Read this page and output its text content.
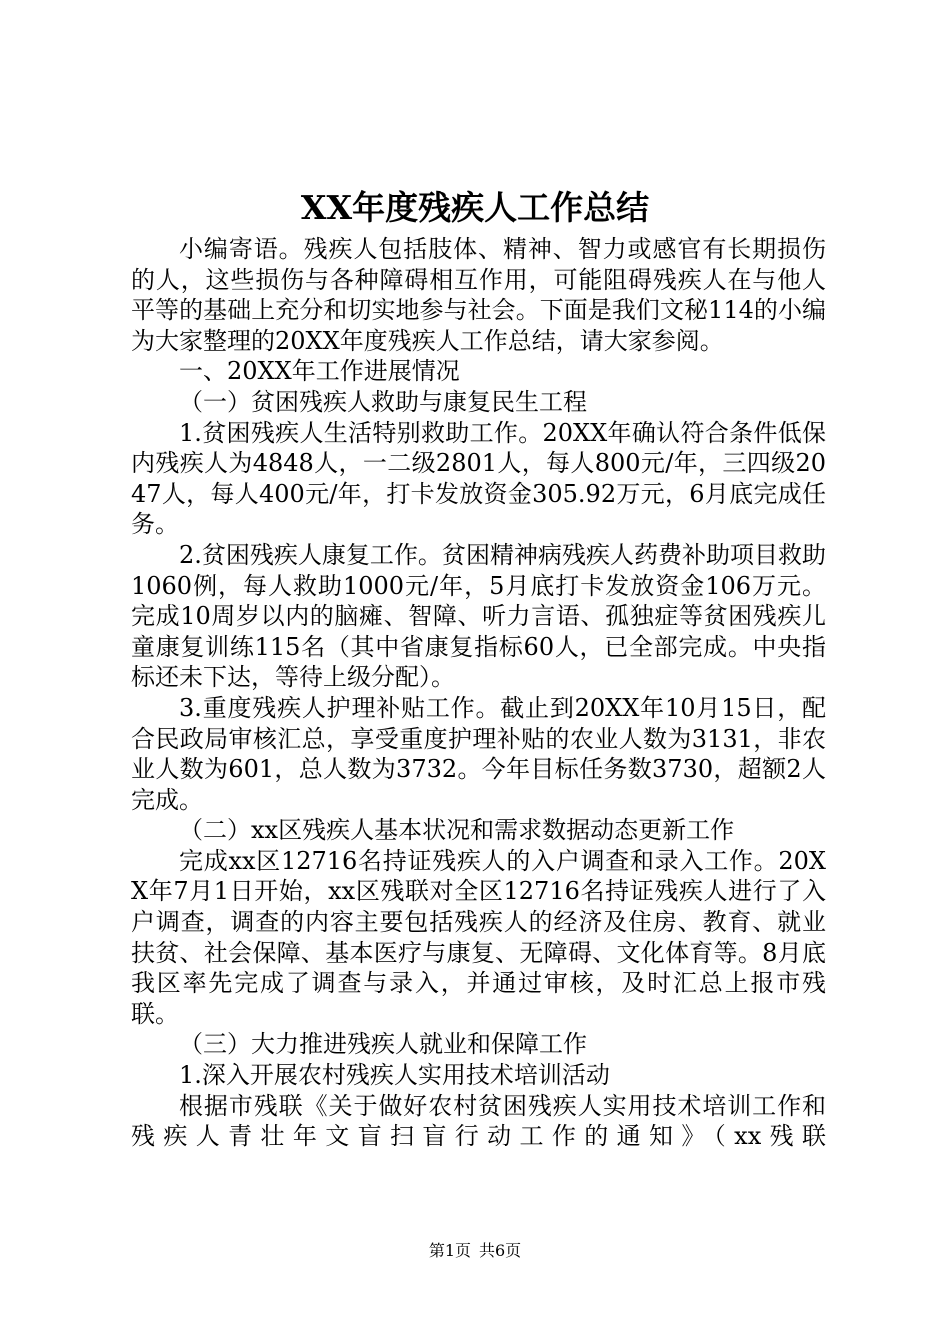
XX年度残疾人工作总结

小编寄语。残疾人包括肢体、精神、智力或感官有长期损伤的人，这些损伤与各种障碍相互作用，可能阻碍残疾人在与他人平等的基础上充分和切实地参与社会。下面是我们文秘114的小编为大家整理的20XX年度残疾人工作总结，请大家参阅。

一、20XX年工作进展情况

（一）贫困残疾人救助与康复民生工程

1.贫困残疾人生活特别救助工作。20XX年确认符合条件低保内残疾人为4848人，一二级2801人，每人800元/年，三四级2047人，每人400元/年，打卡发放资金305.92万元，6月底完成任务。

2.贫困残疾人康复工作。贫困精神病残疾人药费补助项目救助1060例，每人救助1000元/年，5月底打卡发放资金106万元。完成10周岁以内的脑瘫、智障、听力言语、孤独症等贫困残疾儿童康复训练115名（其中省康复指标60人，已全部完成。中央指标还未下达，等待上级分配）。

3.重度残疾人护理补贴工作。截止到20XX年10月15日，配合民政局审核汇总，享受重度护理补贴的农业人数为3131，非农业人数为601，总人数为3732。今年目标任务数3730，超额2人完成。

（二）xx区残疾人基本状况和需求数据动态更新工作

完成xx区12716名持证残疾人的入户调查和录入工作。20XX年7月1日开始，xx区残联对全区12716名持证残疾人进行了入户调查，调查的内容主要包括残疾人的经济及住房、教育、就业扶贫、社会保障、基本医疗与康复、无障碍、文化体育等。8月底我区率先完成了调查与录入，并通过审核，及时汇总上报市残联。

（三）大力推进残疾人就业和保障工作

1.深入开展农村残疾人实用技术培训活动

根据市残联《关于做好农村贫困残疾人实用技术培训工作和残疾人青壮年文盲扫盲行动工作的通知》（xx残联

第1页 共6页
